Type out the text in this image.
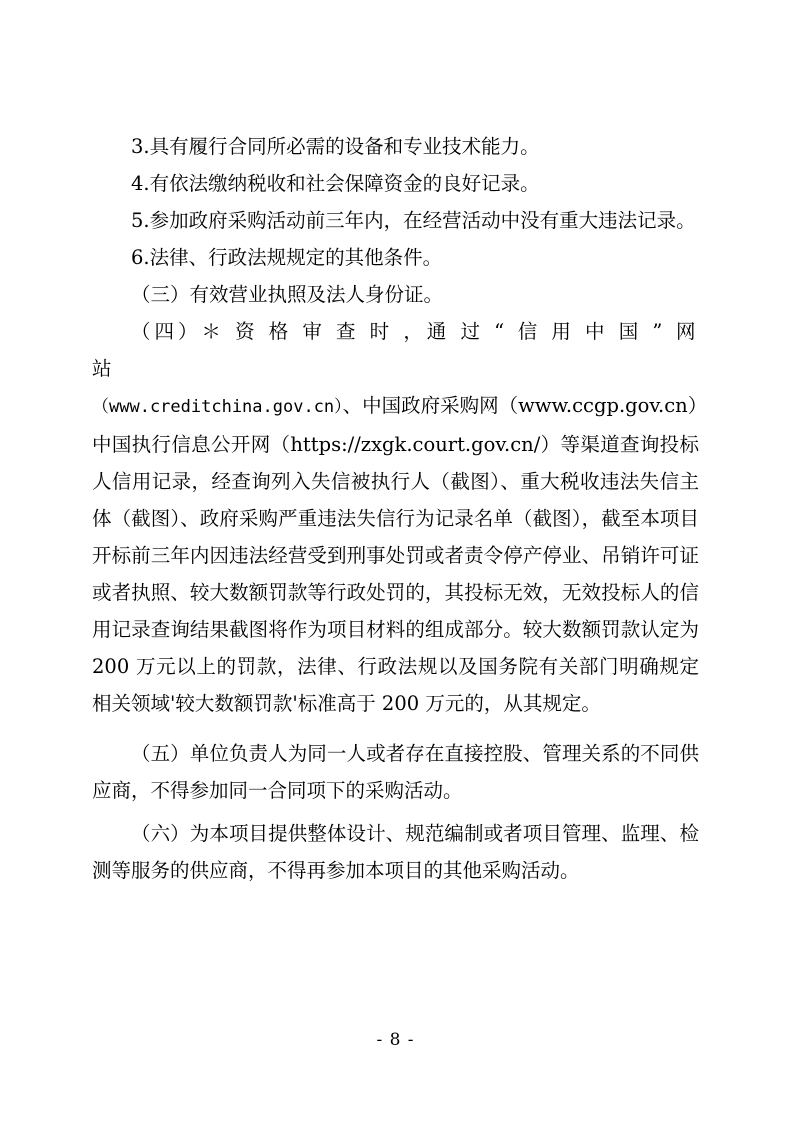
3.具有履行合同所必需的设备和专业技术能力。

4.有依法缴纳税收和社会保障资金的良好记录。

5.参加政府采购活动前三年内，在经营活动中没有重大违法记录。

6.法律、行政法规规定的其他条件。

（三）有效营业执照及法人身份证。

（四）＊ 资 格 审 查 时 ，通 过 “ 信 用 中 国 ” 网 站

（www.creditchina.gov.cn）、中国政府采购网（www.ccgp.gov.cn）

中国执行信息公开网（https://zxgk.court.gov.cn/）等渠道查询投标人信用记录，经查询列入失信被执行人（截图）、重大税收违法失信主体（截图）、政府采购严重违法失信行为记录名单（截图），截至本项目开标前三年内因违法经营受到刑事处罚或者责令停产停业、吊销许可证或者执照、较大数额罚款等行政处罚的，其投标无效，无效投标人的信用记录查询结果截图将作为项目材料的组成部分。较大数额罚款认定为 200 万元以上的罚款，法律、行政法规以及国务院有关部门明确规定相关领域'较大数额罚款'标准高于 200 万元的，从其规定。

（五）单位负责人为同一人或者存在直接控股、管理关系的不同供应商，不得参加同一合同项下的采购活动。

（六）为本项目提供整体设计、规范编制或者项目管理、监理、检测等服务的供应商，不得再参加本项目的其他采购活动。

- 8 -
